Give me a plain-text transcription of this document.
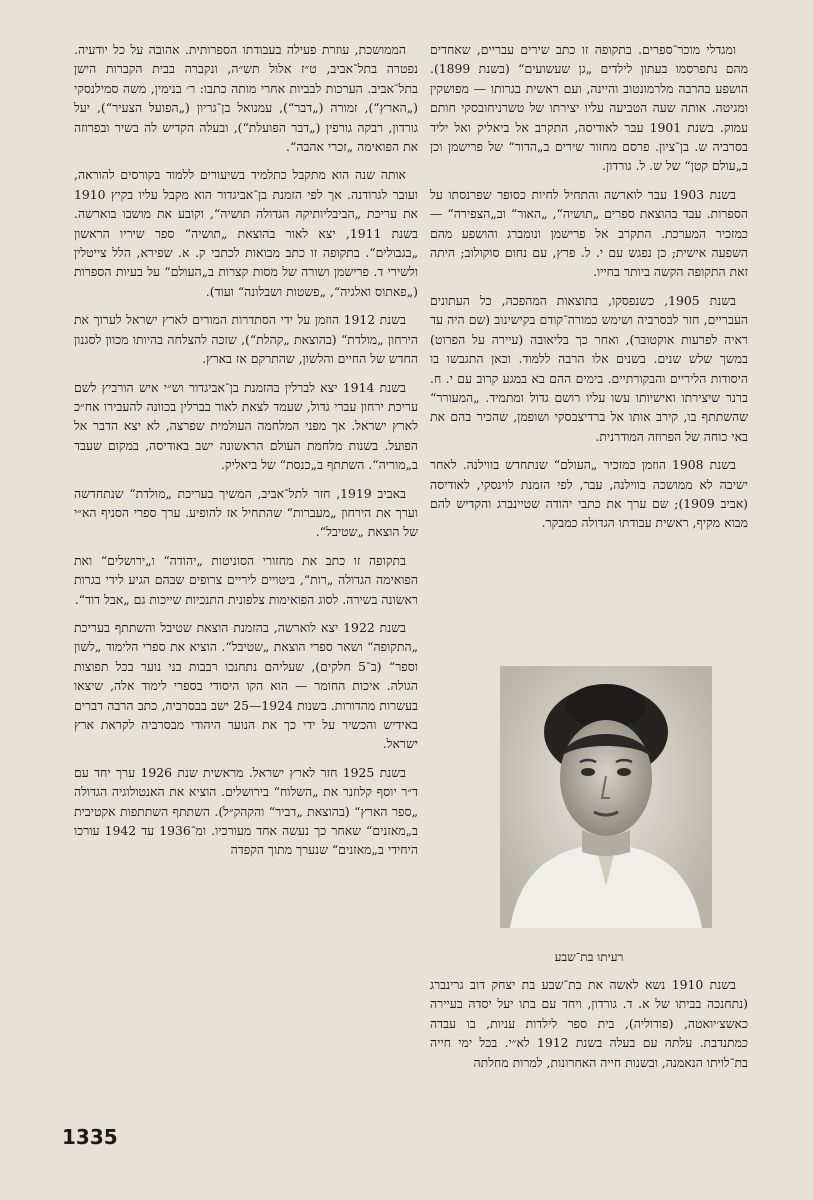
ומגדלי מוכר־ספרים. בתקופה זו כתב שירים עבריים, שאחדים מהם נתפרסמו בעתון לילדים „גן שעשועים“ (בשנת 1899). הושפע בהרבה מלרמונטוב והיינה, ועם ראשית בגרותו — מפושקין ומגיטה. אותה שעה הטביעה עליו יצירתו של טשרניחובסקי חותם עמוק. בשנת 1901 עבר לאודיסה, התקרב אל ביאליק ואל יליד בסרביה ש. בן־ציון. פרסם מחזור שירים ב„הדור“ של פרישמן וכן ב„עולם קטן“ של ש. ל. גורדון.

בשנת 1903 עבר לוארשה והתחיל לחיות כסופר שפרנסתו על הספרות. עבד בהוצאת ספרים „תושיה“, „האור“ וב„הצפירה“ — כמזכיר המערכת. התקרב אל פרישמן ונומברג והושפע מהם השפעה אישית; כן נפגש עם י. ל. פרץ, עם נחום סוקולוב; היתה זאת התקופה הקשה ביותר בחייו.

בשנת 1905, כשנפסקו, בתוצאות המהפכה, כל העתונים העבריים, חזר לבסרביה ושימש כמורה־קודם בקישינוב (שם היה עד ראיה לפרעות אוקטובר), ואחר כך בליאובה (עיירה על הפרוט) במשך שלש שנים. בשנים אלו הרבה ללמוד. וכאן התגבשו בו היסודות הליריים והבקורתיים. בימים ההם בא במגע קרוב עם י. ח. ברנר שיצירתו ואישיותו עשו עליו רושם גדול ומתמיד. „המעורר“ שהשתתף בו, קירב אותו אל ברדיצבסקי ושופמן, שהכיר בהם את באי כוחה של הפרוזה המודרנית.

בשנת 1908 הוזמן כמזכיר „העולם“ שנתחדש בווילנה. לאחר ישיבה לא ממושכה בווילנה, עבר, לפי הזמנת לוינסקי, לאודיסה (אביב 1909); שם ערך את כתבי יהודה שטיינברג והקדיש להם מבוא מקיף, ראשית עבודתו הגדולה כמבקר.

רעיתו בת־שבע

בשנת 1910 נשא לאשה את בת־שבע בת יצחק דוב גרינברג (נתחנכה בביתו של א. ד. גורדון, ויחד עם בתו יעל יסדה בעיירה כאשצ׳יואטה, (פודוליה), בית ספר לילדות עניות, בו עבדה כמתנדבת. עלתה עם בעלה בשנת 1912 לא״י. בכל ימי חייה בת־לויתו הנאמנה, ובשנות חייה האחרונות, למרות מחלתה

הממושכת, עוזרת פעילה בעבודתו הספרותית. אהובה על כל יודעיה. נפטרה בתל־אביב, ט״ז אלול תש״ה, ונקברה בבית הקברות הישן בתל־אביב. הערכות לבביות אחרי מותה כתבו: ר׳ בנימין, משה סמילנסקי („הארץ“), זמורה („דבר“), עמנואל בן־גריון („הפועל הצעיר“), יעל גורדון, רבקה גורפין („דבר הפועלת“), ובעלה הקדיש לה בשיר ובפרוזה את הפואימה „זכרי אהבה“.

אותה שנה הוא מתקבל כתלמיד בשיעורים ללמוד בקורסים להוראה, ועובר לגרודנה. אך לפי הזמנת בן־אביגדור הוא מקבל עליו בקיץ 1910 את עריכת „הביבליותיקה הגדולה תושיה“, וקובע את מושבו בוארשה. בשנת 1911, יצא לאור בהוצאת „תושיה“ ספר שיריו הראשון „בגבולים“. בתקופה זו כתב מבואות לכתבי ק. א. שפירא, הלל צייטלין ולשירי ד. פרישמן ושורה של מסות קצרות ב„העולם“ על בעיות הספרות („פאתוס ואלגיה“, „פשטות ושבלונה“ ועוד).

בשנת 1912 הוזמן על ידי הסתדרות המורים לארץ ישראל לערוך את הירחון „מולדת“ (בהוצאת „קהלת“), שזכה להצלחה בהיותו מכוון לסגנון החדש של החיים והלשון, שהתרקם אז בארץ.

בשנת 1914 יצא לברלין בהזמנת בן־אביגדור וש״י איש הורביץ לשם עריכת ירחון עברי גדול, שעמד לצאת לאור בברלין בכוונה להעבירו אח״כ לארץ ישראל. אך מפני המלחמה העולמית שפרצה, לא יצא הדבר אל הפועל. בשנות מלחמת העולם הראשונה ישב באודיסה, במקום שעבד ב„מוריה“. השתתף ב„כנסת“ של ביאליק.

באביב 1919, חזר לתל־אביב, המשיך בעריכת „מולדת“ שנתחדשה וערך את הירחון „מעברות“ שהתחיל אז להופיע. ערך ספרי הסניף הא״י של הוצאת „שטיבל“.

בתקופה זו כתב את מחזורי הסוניטות „יהודה“ ו„ירושלים“ ואת הפואימה הגדולה „רות“, ביטויים ליריים צרופים שבהם הגיע לידי בגרות ראשונה בשירה. לסוג הפואימות צלפונית התנכיות שייכות גם „אבל דוד“.

בשנת 1922 יצא לוארשה, בהזמנת הוצאת שטיבל והשתתף בעריכת „התקופה“ ושאר ספרי הוצאת „שטיבל“. הוציא את ספרי הלימוד „לשון וספר“ (ב־5 חלקים), שעליהם נתחנכו רבבות בני נוער בכל תפוצות הגולה. איכות החומר — הוא הקו היסודי בספרי לימוד אלה, שיצאו בעשרות מהדורות. בשנות 1924—25 ישב בבסרביה, כתב הרבה דברים באידיש והכשיר על ידי כך את הנוער היהודי מבסרביה לקראת ארץ ישראל.

בשנת 1925 חזר לארץ ישראל. מראשית שנת 1926 ערך יחד עם ד״ר יוסף קלוזנר את „השלוח“ בירושלים. הוציא את האנטולוגיה הגדולה „ספר הארץ“ (בהוצאת „דביר“ והקהק״ל). השתתף השתתפות אקטיבית ב„מאזנים“ שאחר כך נעשה אחד מעורכיו. ומ־1936 עד 1942 עורכו היחידי ב„מאזנים“ שנערך מתוך הקפדה

1335
